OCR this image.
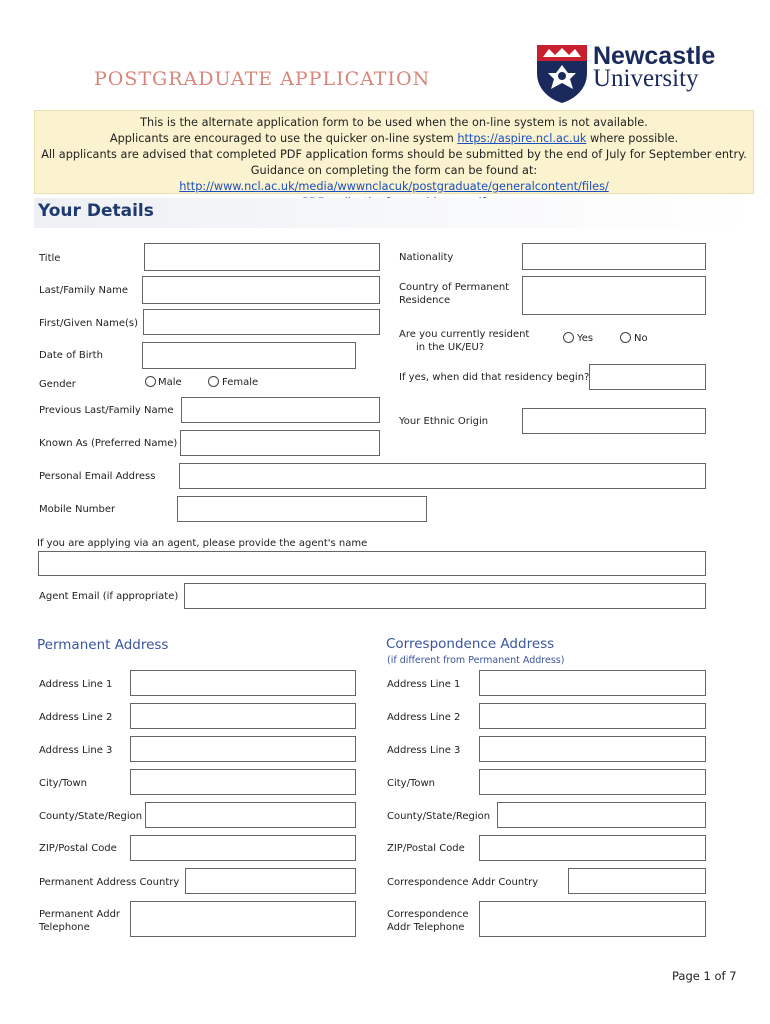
POSTGRADUATE APPLICATION
Newcastle
University
This is the alternate application form to be used when the on-line system is not available.
Applicants are encouraged to use the quicker on-line system https://aspire.ncl.ac.uk where possible.
All applicants are advised that completed PDF application forms should be submitted by the end of July for September entry.
Guidance on completing the form can be found at: http://www.ncl.ac.uk/media/wwwnclacuk/postgraduate/generalcontent/files/
Your Details
Title
Last/Family Name
First/Given Name(s)
Date of Birth
Gender	Male	Female
Previous Last/Family Name
Known As (Preferred Name)
Personal Email Address
Mobile Number
If you are applying via an agent, please provide the agent's name
Agent Email (if appropriate)
Nationality
Country of Permanent
Residence
Are you currently resident
in the UK/EU?
Yes	No
If yes, when did that residency begin?
Your Ethnic Origin
Permanent Address	Correspondence Address
(if different from Permanent Address)
Address Line 1
Address Line 2
Address Line 3
City/Town
County/State/Region
ZIP/Postal Code
Permanent Address Country
Permanent Addr
Telephone
Address Line 1
Address Line 2
Address Line 3
City/Town
County/State/Region
ZIP/Postal Code
Correspondence Addr Country
Correspondence
Addr Telephone
Page 1 of 7
